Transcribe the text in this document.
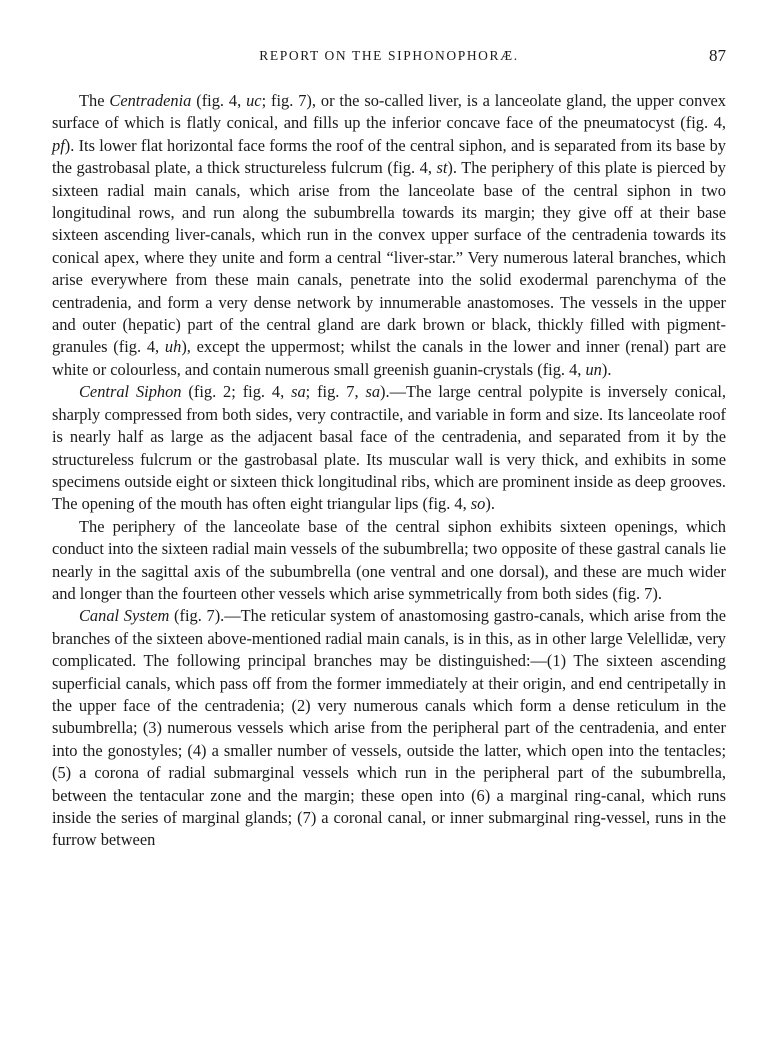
REPORT ON THE SIPHONOPHORÆ.	87

The Centradenia (fig. 4, uc; fig. 7), or the so-called liver, is a lanceolate gland, the upper convex surface of which is flatly conical, and fills up the inferior concave face of the pneumatocyst (fig. 4, pf). Its lower flat horizontal face forms the roof of the central siphon, and is separated from its base by the gastrobasal plate, a thick structureless fulcrum (fig. 4, st). The periphery of this plate is pierced by sixteen radial main canals, which arise from the lanceolate base of the central siphon in two longitudinal rows, and run along the subumbrella towards its margin; they give off at their base sixteen ascending liver-canals, which run in the convex upper surface of the centradenia towards its conical apex, where they unite and form a central “liver-star.” Very numerous lateral branches, which arise everywhere from these main canals, penetrate into the solid exodermal parenchyma of the centradenia, and form a very dense network by innumerable anastomoses. The vessels in the upper and outer (hepatic) part of the central gland are dark brown or black, thickly filled with pigment-granules (fig. 4, uh), except the uppermost; whilst the canals in the lower and inner (renal) part are white or colourless, and contain numerous small greenish guanin-crystals (fig. 4, un).

Central Siphon (fig. 2; fig. 4, sa; fig. 7, sa).—The large central polypite is inversely conical, sharply compressed from both sides, very contractile, and variable in form and size. Its lanceolate roof is nearly half as large as the adjacent basal face of the centradenia, and separated from it by the structureless fulcrum or the gastrobasal plate. Its muscular wall is very thick, and exhibits in some specimens outside eight or sixteen thick longitudinal ribs, which are prominent inside as deep grooves. The opening of the mouth has often eight triangular lips (fig. 4, so).

The periphery of the lanceolate base of the central siphon exhibits sixteen openings, which conduct into the sixteen radial main vessels of the subumbrella; two opposite of these gastral canals lie nearly in the sagittal axis of the subumbrella (one ventral and one dorsal), and these are much wider and longer than the fourteen other vessels which arise symmetrically from both sides (fig. 7).

Canal System (fig. 7).—The reticular system of anastomosing gastro-canals, which arise from the branches of the sixteen above-mentioned radial main canals, is in this, as in other large Velellidæ, very complicated. The following principal branches may be distinguished:—(1) The sixteen ascending superficial canals, which pass off from the former immediately at their origin, and end centripetally in the upper face of the centradenia; (2) very numerous canals which form a dense reticulum in the subumbrella; (3) numerous vessels which arise from the peripheral part of the centradenia, and enter into the gonostyles; (4) a smaller number of vessels, outside the latter, which open into the tentacles; (5) a corona of radial submarginal vessels which run in the peripheral part of the subumbrella, between the tentacular zone and the margin; these open into (6) a marginal ring-canal, which runs inside the series of marginal glands; (7) a coronal canal, or inner submarginal ring-vessel, runs in the furrow between
